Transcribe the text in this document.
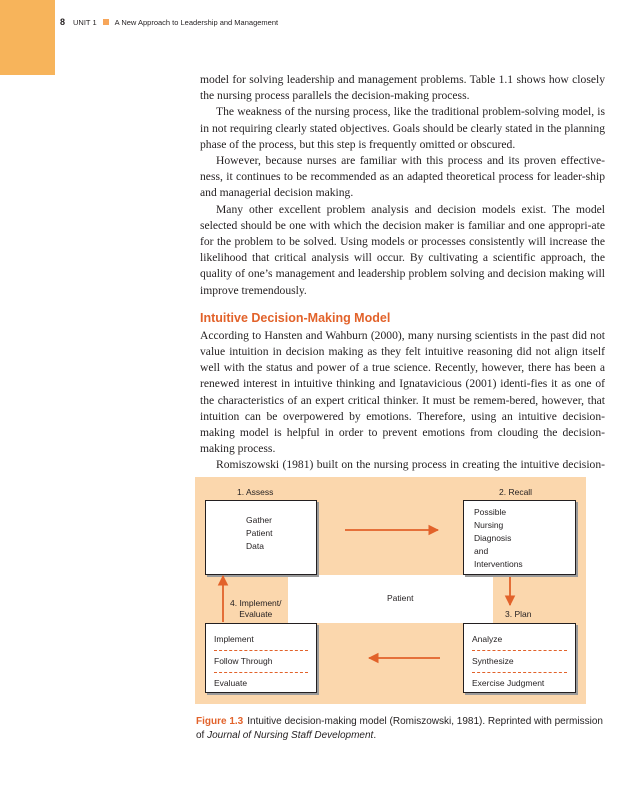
8 UNIT 1 A New Approach to Leadership and Management

model for solving leadership and management problems. Table 1.1 shows how closely the nursing process parallels the decision-making process.

The weakness of the nursing process, like the traditional problem-solving model, is in not requiring clearly stated objectives. Goals should be clearly stated in the planning phase of the process, but this step is frequently omitted or obscured.

However, because nurses are familiar with this process and its proven effective-ness, it continues to be recommended as an adapted theoretical process for leader-ship and managerial decision making.

Many other excellent problem analysis and decision models exist. The model selected should be one with which the decision maker is familiar and one appropri-ate for the problem to be solved. Using models or processes consistently will increase the likelihood that critical analysis will occur. By cultivating a scientific approach, the quality of one’s management and leadership problem solving and decision making will improve tremendously.

Intuitive Decision-Making Model

According to Hansten and Wahburn (2000), many nursing scientists in the past did not value intuition in decision making as they felt intuitive reasoning did not align itself well with the status and power of a true science. Recently, however, there has been a renewed interest in intuitive thinking and Ignatavicious (2001) identi-fies it as one of the characteristics of an expert critical thinker. It must be remem-bered, however, that intuition can be overpowered by emotions. Therefore, using an intuitive decision-making model is helpful in order to prevent emotions from clouding the decision-making process.

Romiszowski (1981) built on the nursing process in creating the intuitive decision-

Patient
1. Assess	2. Recall
4. Implement/
Evaluate	3. Plan
Gather
Patient
Data
Possible
Nursing
Diagnosis
and
Interventions
Implement
Follow Through
Evaluate
Analyze
Synthesize
Exercise Judgment
Figure 1.3 Intuitive decision-making model (Romiszowski, 1981). Reprinted with permission of Journal of Nursing Staff Development.
